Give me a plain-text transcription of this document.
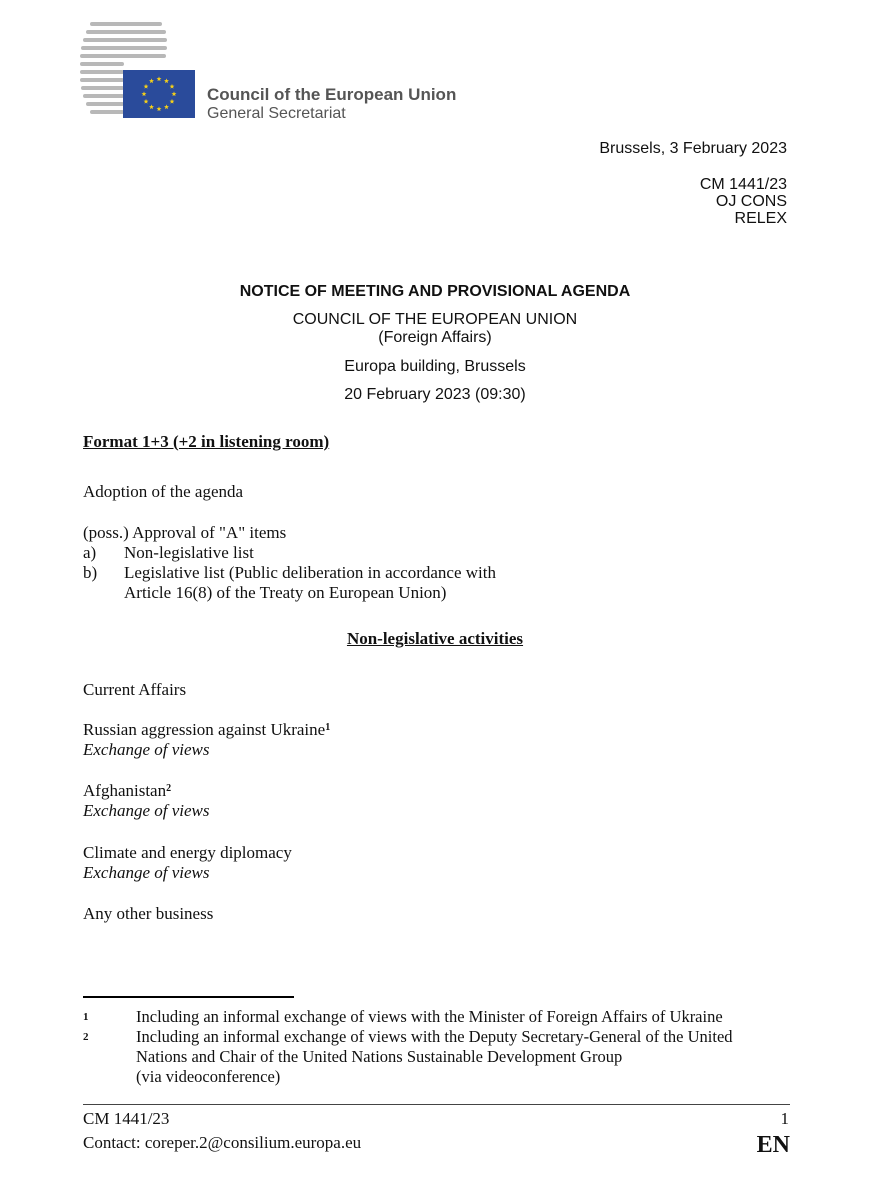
Council of the European Union
General Secretariat
Brussels, 3 February 2023
CM 1441/23
OJ CONS
RELEX
NOTICE OF MEETING AND PROVISIONAL AGENDA
COUNCIL OF THE EUROPEAN UNION
(Foreign Affairs)
Europa building, Brussels
20 February 2023 (09:30)
Format 1+3 (+2 in listening room)
Adoption of the agenda
(poss.) Approval of "A" items
a)	Non-legislative list
b)	Legislative list (Public deliberation in accordance with
Article 16(8) of the Treaty on European Union)
Non-legislative activities
Current Affairs
Russian aggression against Ukraine$^1$
Exchange of views
Afghanistan$^2$
Exchange of views
Climate and energy diplomacy
Exchange of views
Any other business
1	Including an informal exchange of views with the Minister of Foreign Affairs of Ukraine
2	Including an informal exchange of views with the Deputy Secretary-General of the United
Nations and Chair of the United Nations Sustainable Development Group
(via videoconference)
CM 1441/23
Contact: coreper.2@consilium.europa.eu
1
EN
